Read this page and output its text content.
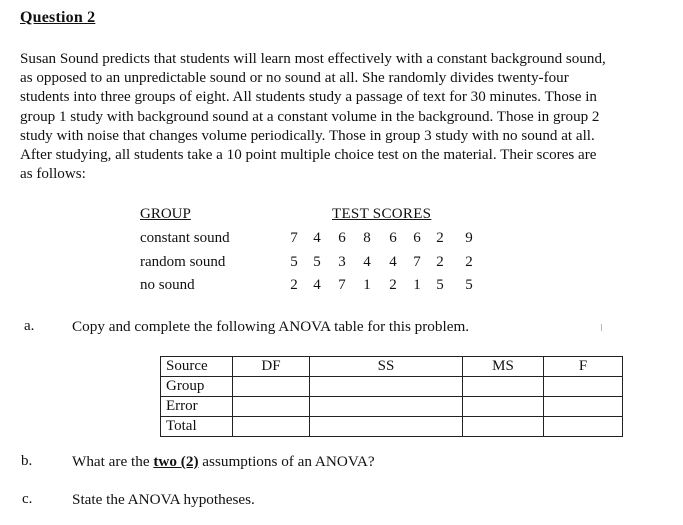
Question 2

Susan Sound predicts that students will learn most effectively with a constant background sound,
as opposed to an unpredictable sound or no sound at all. She randomly divides twenty-four
students into three groups of eight. All students study a passage of text for 30 minutes. Those in
group 1 study with background sound at a constant volume in the background. Those in group 2
study with noise that changes volume periodically. Those in group 3 study with no sound at all.
After studying, all students take a 10 point multiple choice test on the material. Their scores are
as follows:

GROUP	TEST SCORES
constant sound	7 4 6 8 6 6 2 9
random sound	5 5 3 4 4 7 2 2
no sound	2 4 7 1 2 1 5 5
a. Copy and complete the following ANOVA table for this problem.
Source	DF	SS	MS	F
Group				
Error				
Total				
b.	What are the two (2) assumptions of an ANOVA?
c.	State the ANOVA hypotheses.
